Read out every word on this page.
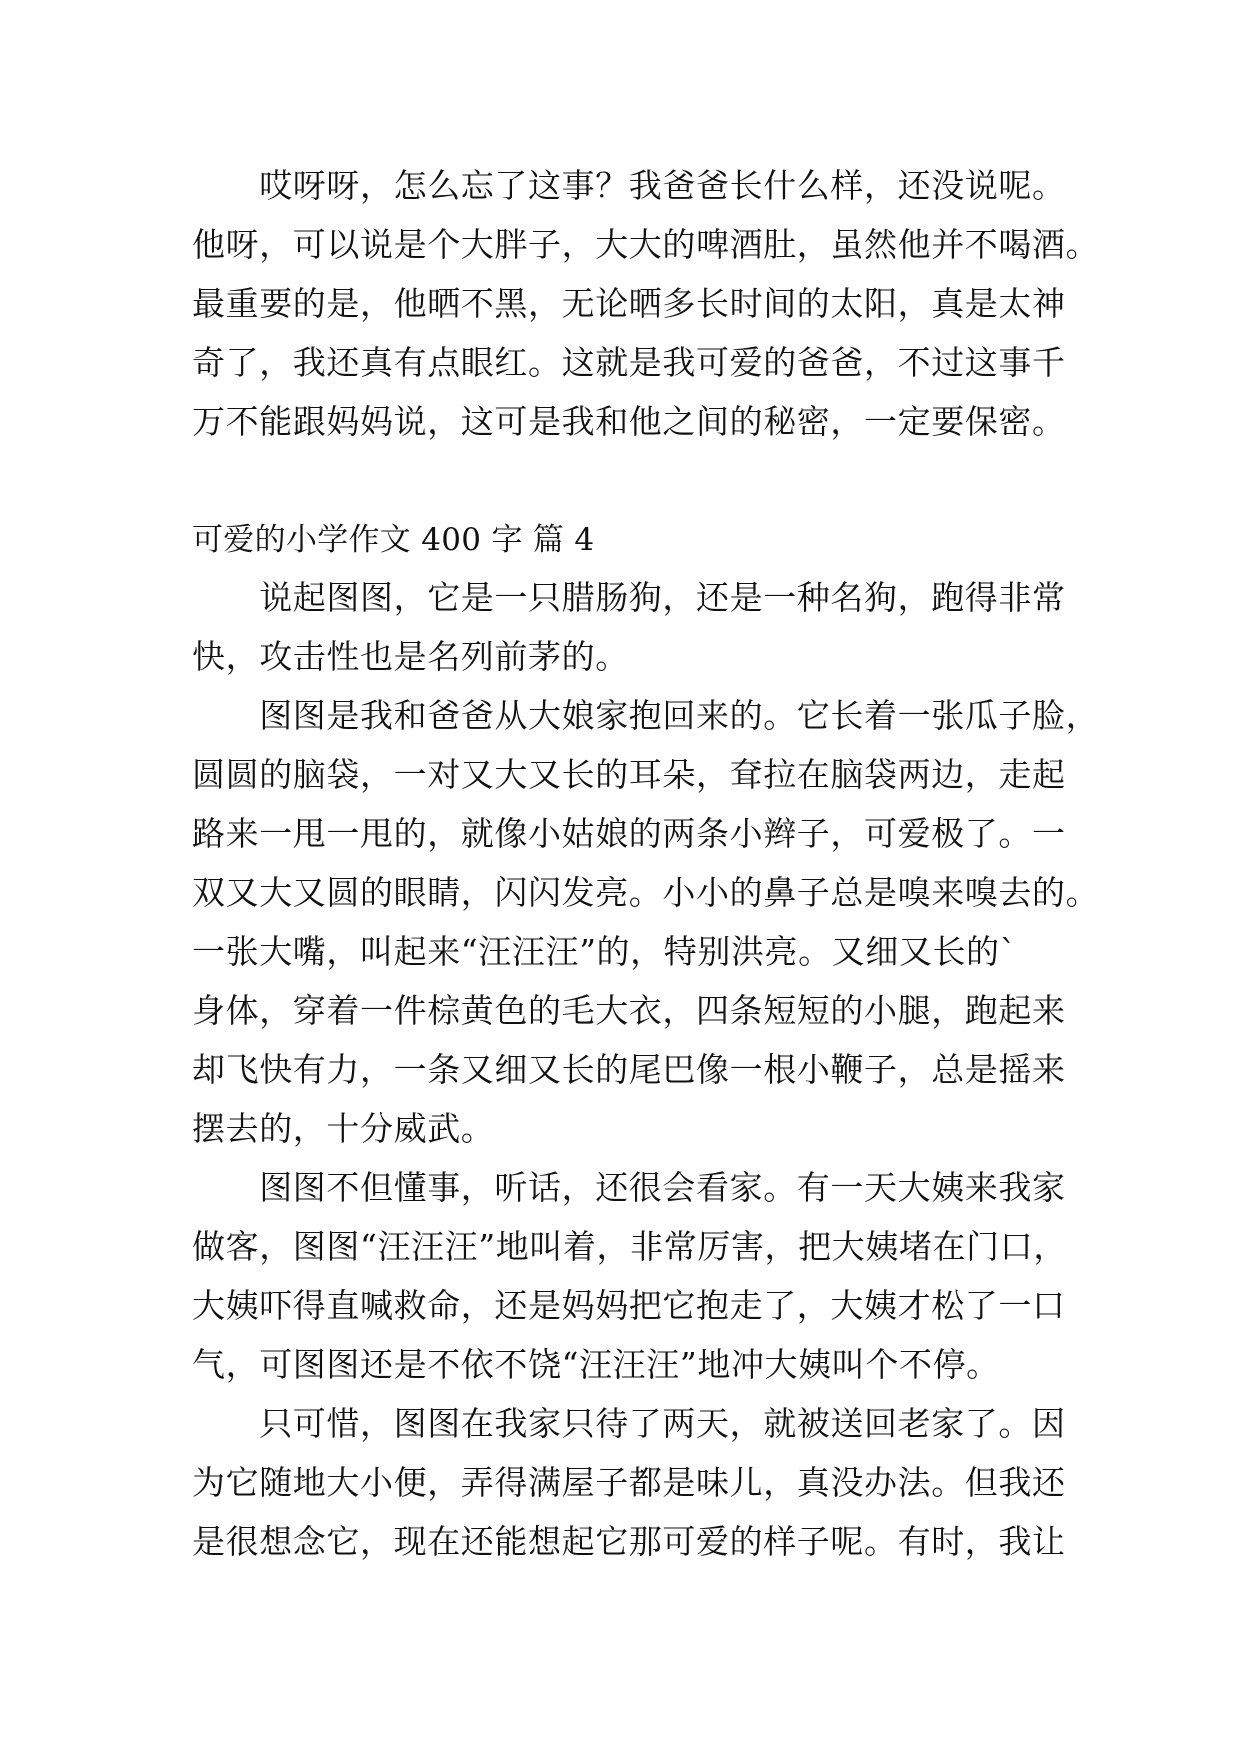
　　哎呀呀，怎么忘了这事？我爸爸长什么样，还没说呢。
他呀，可以说是个大胖子，大大的啤酒肚，虽然他并不喝酒。
最重要的是，他晒不黑，无论晒多长时间的太阳，真是太神
奇了，我还真有点眼红。这就是我可爱的爸爸，不过这事千
万不能跟妈妈说，这可是我和他之间的秘密，一定要保密。
可爱的小学作文 400 字 篇 4
　　说起图图，它是一只腊肠狗，还是一种名狗，跑得非常
快，攻击性也是名列前茅的。
　　图图是我和爸爸从大娘家抱回来的。它长着一张瓜子脸，
圆圆的脑袋，一对又大又长的耳朵，耷拉在脑袋两边，走起
路来一甩一甩的，就像小姑娘的两条小辫子，可爱极了。一
双又大又圆的眼睛，闪闪发亮。小小的鼻子总是嗅来嗅去的。
一张大嘴，叫起来“汪汪汪”的，特别洪亮。又细又长的`
身体，穿着一件棕黄色的毛大衣，四条短短的小腿，跑起来
却飞快有力，一条又细又长的尾巴像一根小鞭子，总是摇来
摆去的，十分威武。
　　图图不但懂事，听话，还很会看家。有一天大姨来我家
做客，图图“汪汪汪”地叫着，非常厉害，把大姨堵在门口，
大姨吓得直喊救命，还是妈妈把它抱走了，大姨才松了一口
气，可图图还是不依不饶“汪汪汪”地冲大姨叫个不停。
　　只可惜，图图在我家只待了两天，就被送回老家了。因
为它随地大小便，弄得满屋子都是味儿，真没办法。但我还
是很想念它，现在还能想起它那可爱的样子呢。有时，我让
